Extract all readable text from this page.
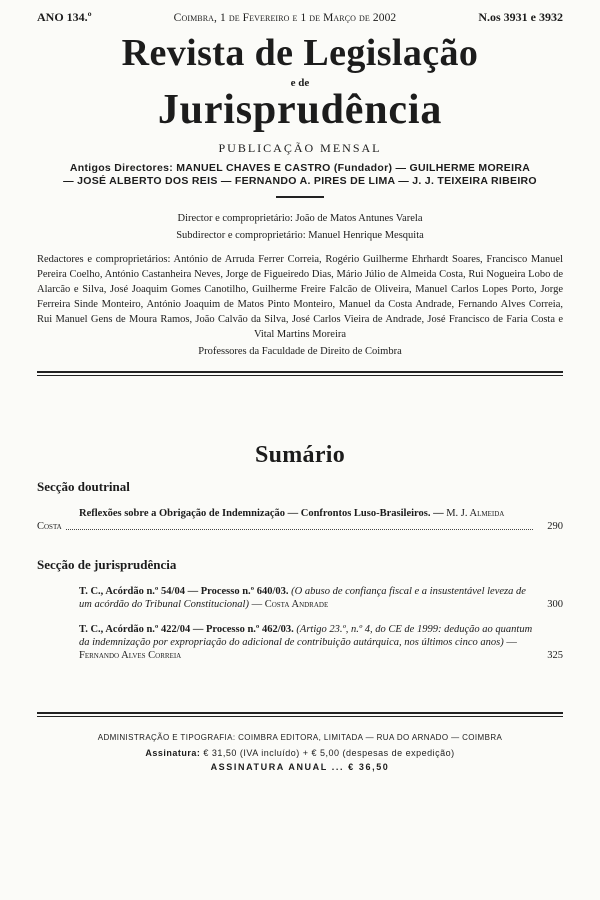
ANO 134.º	Coimbra, 1 de Fevereiro e 1 de Março de 2002	N.os 3931 e 3932
Revista de Legislação
e de
Jurisprudência
PUBLICAÇÃO MENSAL
Antigos Directores: MANUEL CHAVES E CASTRO (Fundador) — GUILHERME MOREIRA
— JOSÉ ALBERTO DOS REIS — FERNANDO A. PIRES DE LIMA — J. J. TEIXEIRA RIBEIRO
Director e comproprietário: João de Matos Antunes Varela
Subdirector e comproprietário: Manuel Henrique Mesquita
Redactores e comproprietários: António de Arruda Ferrer Correia, Rogério Guilherme Ehrhardt Soares, Francisco Manuel Pereira Coelho, António Castanheira Neves, Jorge de Figueiredo Dias, Mário Júlio de Almeida Costa, Rui Nogueira Lobo de Alarcão e Silva, José Joaquim Gomes Canotilho, Guilherme Freire Falcão de Oliveira, Manuel Carlos Lopes Porto, Jorge Ferreira Sinde Monteiro, António Joaquim de Matos Pinto Monteiro, Manuel da Costa Andrade, Fernando Alves Correia, Rui Manuel Gens de Moura Ramos, João Calvão da Silva, José Carlos Vieira de Andrade, José Francisco de Faria Costa e Vital Martins Moreira
Professores da Faculdade de Direito de Coimbra
Sumário
Secção doutrinal
Reflexões sobre a Obrigação de Indemnização — Confrontos Luso-Brasileiros. — M. J. Almeida
Costa	290
Secção de jurisprudência
T. C., Acórdão n.º 54/04 — Processo n.º 640/03. (O abuso de confiança fiscal e a insustentável leveza de um acórdão do Tribunal Constitucional) — Costa Andrade	300
T. C., Acórdão n.º 422/04 — Processo n.º 462/03. (Artigo 23.º, n.º 4, do CE de 1999: dedução ao quantum da indemnização por expropriação do adicional de contribuição autárquica, nos últimos cinco anos) — Fernando Alves Correia	325
ADMINISTRAÇÃO E TIPOGRAFIA: COIMBRA EDITORA, LIMITADA — RUA DO ARNADO — COIMBRA
Assinatura: € 31,50 (IVA incluído) + € 5,00 (despesas de expedição)
ASSINATURA ANUAL ... € 36,50
